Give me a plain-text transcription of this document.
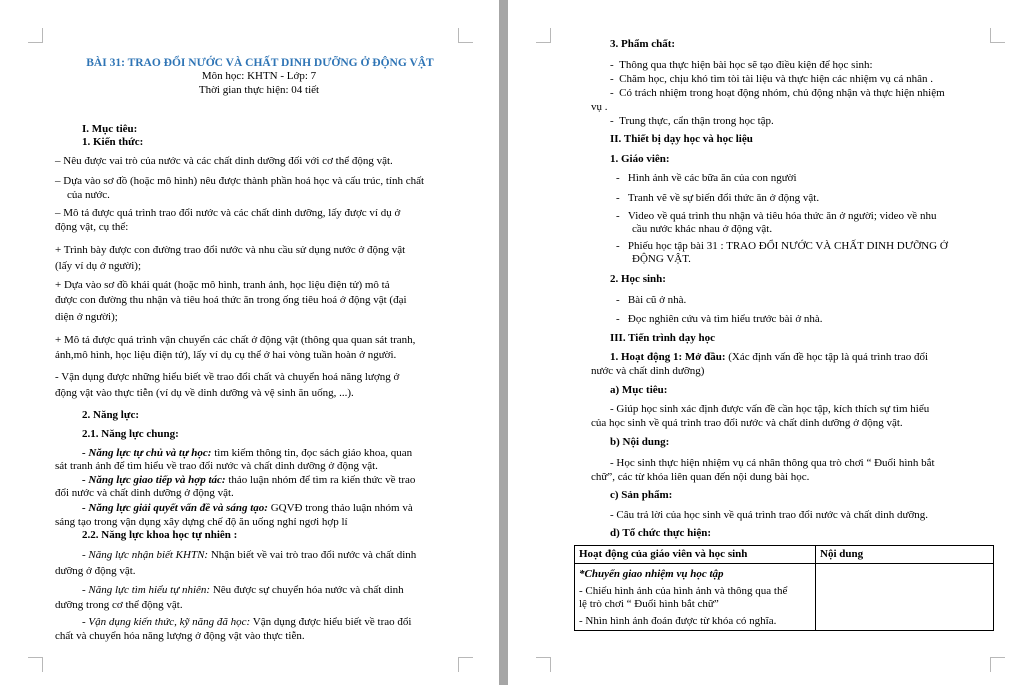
BÀI 31: TRAO ĐỔI NƯỚC VÀ CHẤT DINH DƯỠNG Ở ĐỘNG VẬT
Môn học: KHTN - Lớp: 7
Thời gian thực hiện: 04 tiết
I. Mục tiêu:
1. Kiến thức:
– Nêu được vai trò của nước và các chất dinh dưỡng đối với cơ thể động vật.
– Dựa vào sơ đồ (hoặc mô hình) nêu được thành phần hoá học và cấu trúc, tính chất
của nước.
– Mô tả được quá trình trao đổi nước và các chất dinh dưỡng, lấy được ví dụ ở
động vật, cụ thể:
+ Trình bày được con đường trao đổi nước và nhu cầu sử dụng nước ở động vật
(lấy ví dụ ở người);
+ Dựa vào sơ đồ khái quát (hoặc mô hình, tranh ảnh, học liệu điện tử) mô tả
được con đường thu nhận và tiêu hoá thức ăn trong ống tiêu hoá ở động vật (đại
diện ở người);
+ Mô tả được quá trình vận chuyển các chất ở động vật (thông qua quan sát tranh,
ảnh,mô hình, học liệu điện tử), lấy ví dụ cụ thể ở hai vòng tuần hoàn ở người.
- Vận dụng được những hiểu biết về trao đổi chất và chuyển hoá năng lượng ở
động vật vào thực tiễn (ví dụ về dinh dưỡng và vệ sinh ăn uống, ...).
2. Năng lực:
2.1. Năng lực chung:
- Năng lực tự chủ và tự học: tìm kiếm thông tin, đọc sách giáo khoa, quan
sát tranh ảnh để tìm hiểu về trao đổi nước và chất dinh dưỡng ở động vật.
- Năng lực giao tiếp và hợp tác: thảo luận nhóm để tìm ra kiến thức về trao
đổi nước và chất dinh dưỡng ở động vật.
- Năng lực giải quyết vấn đề và sáng tạo: GQVĐ trong thảo luận nhóm và
sáng tạo trong vận dụng xây dựng chế độ ăn uống nghỉ ngơi hợp lí
2.2. Năng lực khoa học tự nhiên :
- Năng lực nhận biết KHTN: Nhận biết về vai trò trao đổi nước và chất dinh
dưỡng ở động vật.
- Năng lực tìm hiểu tự nhiên: Nêu được sự chuyển hóa nước và chất dinh
dưỡng trong cơ thể động vật.
- Vận dụng kiến thức, kỹ năng đã học: Vận dụng được hiểu biết về trao đổi
chất và chuyển hóa năng lượng ở động vật vào thực tiễn.
3. Phẩm chất:
-  Thông qua thực hiện bài học sẽ tạo điều kiện để học sinh:
-  Chăm học, chịu khó tìm tòi tài liệu và thực hiện các nhiệm vụ cá nhân .
-  Có trách nhiệm trong hoạt động nhóm, chủ động nhận và thực hiện nhiệm
vụ .
-  Trung thực, cẩn thận trong học tập.
II. Thiết bị dạy học và học liệu
1. Giáo viên:
-   Hình ảnh về các bữa ăn của con người
-   Tranh vẽ về sự biến đổi thức ăn ở động vật.
-   Video về quá trình thu nhận và tiêu hóa thức ăn ở người; video về nhu
cầu nước khác nhau ở động vật.
-   Phiếu học tập bài 31 : TRAO ĐỔI NƯỚC VÀ CHẤT DINH DƯỠNG Ở
ĐỘNG VẬT.
2. Học sinh:
-   Bài cũ ở nhà.
-   Đọc nghiên cứu và tìm hiểu trước bài ở nhà.
III. Tiến trình dạy học
1. Hoạt động 1: Mở đầu: (Xác định vấn đề học tập là quá trình trao đổi
nước và chất dinh dưỡng)
a) Mục tiêu:
- Giúp học sinh xác định được vấn đề cần học tập, kích thích sự tìm hiểu
của học sinh về quá trình trao đổi nước và chất dinh dưỡng ở động vật.
b) Nội dung:
- Học sinh thực hiện nhiệm vụ cá nhân thông qua trò chơi “ Đuổi hình bắt
chữ”, các từ khóa liên quan đến nội dung bài học.
c) Sản phẩm:
- Câu trả lời của học sinh về quá trình trao đổi nước và chất dinh dưỡng.
d) Tổ chức thực hiện:
Hoạt động của giáo viên và học sinh	Nội dung

*Chuyển giao nhiệm vụ học tập
- Chiếu hình ảnh của hình ảnh và thông qua thể
lệ trò chơi “ Đuổi hình bắt chữ”
- Nhìn hình ảnh đoán được từ khóa có nghĩa.	
